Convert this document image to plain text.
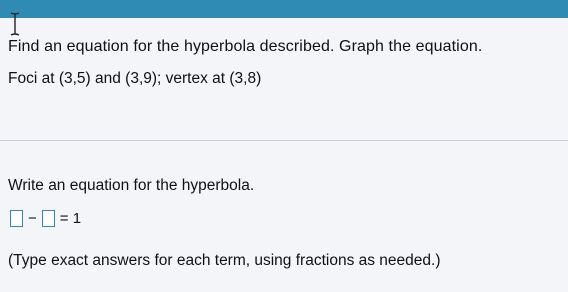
Find an equation for the hyperbola described. Graph the equation.
Foci at (3,5) and (3,9); vertex at (3,8)
Write an equation for the hyperbola.
− = 1
(Type exact answers for each term, using fractions as needed.)
